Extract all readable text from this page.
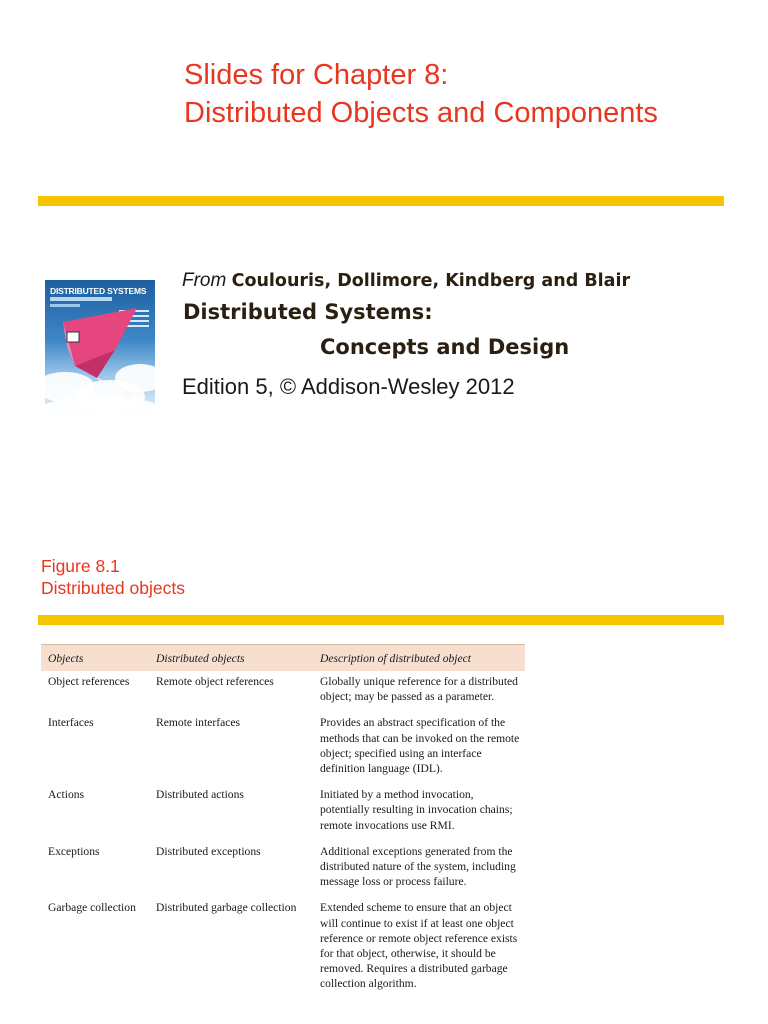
Slides for Chapter 8:
Distributed Objects and Components
DISTRIBUTED SYSTEMS From Coulouris, Dollimore, Kindberg and Blair
Distributed Systems:
Concepts and Design
Edition 5, © Addison-Wesley 2012
Figure 8.1
Distributed objects
Objects	Distributed objects	Description of distributed object
Object references	Remote object references	Globally unique reference for a distributed object; may be passed as a parameter.
Interfaces	Remote interfaces	Provides an abstract specification of the methods that can be invoked on the remote object; specified using an interface definition language (IDL).
Actions	Distributed actions	Initiated by a method invocation, potentially resulting in invocation chains; remote invocations use RMI.
Exceptions	Distributed exceptions	Additional exceptions generated from the distributed nature of the system, including message loss or process failure.
Garbage collection	Distributed garbage collection	Extended scheme to ensure that an object will continue to exist if at least one object reference or remote object reference exists for that object, otherwise, it should be removed. Requires a distributed garbage collection algorithm.
